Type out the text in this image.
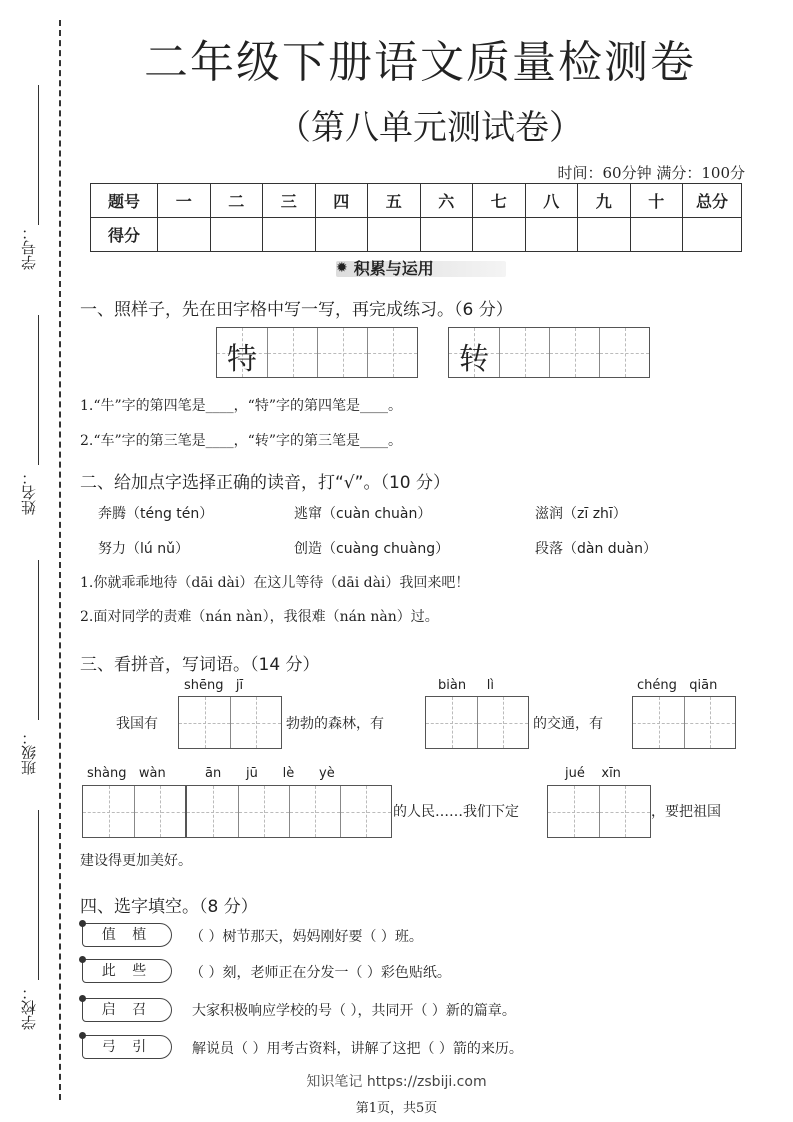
学号：
姓名：
班级：
学校：
二年级下册语文质量检测卷
（第八单元测试卷）
时间：60分钟 满分：100分
题号	一	二	三	四	五	六	七	八	九	十	总分
得分											
✹ 积累与运用
一、照样子，先在田字格中写一写，再完成练习。（6 分）
特	转
1.“牛”字的第四笔是____，“特”字的第四笔是____。
2.“车”字的第三笔是____，“转”字的第三笔是____。
二、给加点字选择正确的读音，打“√”。（10 分）
奔腾（téng tén）	逃窜（cuàn chuàn）	滋润（zī zhī）
努力（lú nǔ）	创造（cuàng chuàng）	段落（dàn duàn）
1.你就乖乖地待（dāi dài）在这儿等待（dāi dài）我回来吧！
2.面对同学的责难（nán nàn），我很难（nán nàn）过。
三、看拼音，写词语。（14 分）
shēng   jī	biàn     lì	chéng   qiān
我国有	勃勃的森林，有	的交通，有
shàng   wàn	ān      jū      lè      yè	jué    xīn
的人民……我们下定	，要把祖国
建设得更加美好。
四、选字填空。（8 分）
值 植	（ ）树节那天，妈妈刚好要（ ）班。
此 些	（ ）刻，老师正在分发一（ ）彩色贴纸。
启 召	大家积极响应学校的号（ ），共同开（ ）新的篇章。
弓 引	解说员（ ）用考古资料，讲解了这把（ ）箭的来历。
知识笔记 https://zsbiji.com
第1页，共5页
